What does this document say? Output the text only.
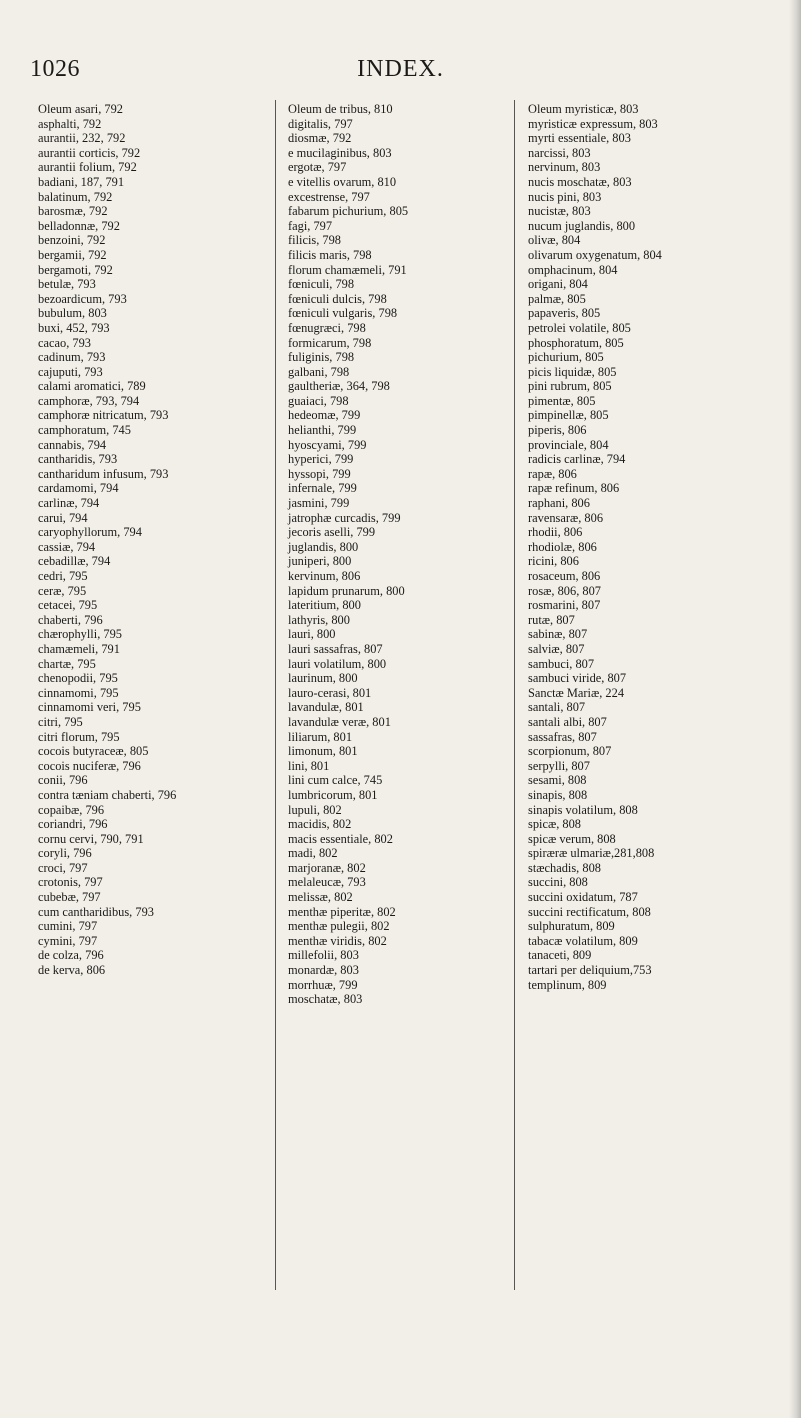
1026	INDEX.
Oleum asari, 792
asphalti, 792
aurantii, 232, 792
aurantii corticis, 792
aurantii folium, 792
badiani, 187, 791
balatinum, 792
barosmæ, 792
belladonnæ, 792
benzoini, 792
bergamii, 792
bergamoti, 792
betulæ, 793
bezoardicum, 793
bubulum, 803
buxi, 452, 793
cacao, 793
cadinum, 793
cajuputi, 793
calami aromatici, 789
camphoræ, 793, 794
camphoræ nitricatum, 793
camphoratum, 745
cannabis, 794
cantharidis, 793
cantharidum infusum, 793
cardamomi, 794
carlinæ, 794
carui, 794
caryophyllorum, 794
cassiæ, 794
cebadillæ, 794
cedri, 795
ceræ, 795
cetacei, 795
chaberti, 796
chærophylli, 795
chamæmeli, 791
chartæ, 795
chenopodii, 795
cinnamomi, 795
cinnamomi veri, 795
citri, 795
citri florum, 795
cocois butyraceæ, 805
cocois nuciferæ, 796
conii, 796
contra tæniam chaberti, 796
copaibæ, 796
coriandri, 796
cornu cervi, 790, 791
coryli, 796
croci, 797
crotonis, 797
cubebæ, 797
cum cantharidibus, 793
cumini, 797
cymini, 797
de colza, 796
de kerva, 806
Oleum de tribus, 810
digitalis, 797
diosmæ, 792
e mucilaginibus, 803
ergotæ, 797
e vitellis ovarum, 810
excestrense, 797
fabarum pichurium, 805
fagi, 797
filicis, 798
filicis maris, 798
florum chamæmeli, 791
fœniculi, 798
fœniculi dulcis, 798
fœniculi vulgaris, 798
fœnugræci, 798
formicarum, 798
fuliginis, 798
galbani, 798
gaultheriæ, 364, 798
guaiaci, 798
hedeomæ, 799
helianthi, 799
hyoscyami, 799
hyperici, 799
hyssopi, 799
infernale, 799
jasmini, 799
jatrophæ curcadis, 799
jecoris aselli, 799
juglandis, 800
juniperi, 800
kervinum, 806
lapidum prunarum, 800
lateritium, 800
lathyris, 800
lauri, 800
lauri sassafras, 807
lauri volatilum, 800
laurinum, 800
lauro-cerasi, 801
lavandulæ, 801
lavandulæ veræ, 801
liliarum, 801
limonum, 801
lini, 801
lini cum calce, 745
lumbricorum, 801
lupuli, 802
macidis, 802
macis essentiale, 802
madi, 802
marjoranæ, 802
melaleucæ, 793
melissæ, 802
menthæ piperitæ, 802
menthæ pulegii, 802
menthæ viridis, 802
millefolii, 803
monardæ, 803
morrhuæ, 799
moschatæ, 803
Oleum myristicæ, 803
myristicæ expressum, 803
myrti essentiale, 803
narcissi, 803
nervinum, 803
nucis moschatæ, 803
nucis pini, 803
nucistæ, 803
nucum juglandis, 800
olivæ, 804
olivarum oxygenatum, 804
omphacinum, 804
origani, 804
palmæ, 805
papaveris, 805
petrolei volatile, 805
phosphoratum, 805
pichurium, 805
picis liquidæ, 805
pini rubrum, 805
pimentæ, 805
pimpinellæ, 805
piperis, 806
provinciale, 804
radicis carlinæ, 794
rapæ, 806
rapæ refinum, 806
raphani, 806
ravensaræ, 806
rhodii, 806
rhodiolæ, 806
ricini, 806
rosaceum, 806
rosæ, 806, 807
rosmarini, 807
rutæ, 807
sabinæ, 807
salviæ, 807
sambuci, 807
sambuci viride, 807
Sanctæ Mariæ, 224
santali, 807
santali albi, 807
sassafras, 807
scorpionum, 807
serpylli, 807
sesami, 808
sinapis, 808
sinapis volatilum, 808
spicæ, 808
spicæ verum, 808
spiræræ ulmariæ,281,808
stæchadis, 808
succini, 808
succini oxidatum, 787
succini rectificatum, 808
sulphuratum, 809
tabacæ volatilum, 809
tanaceti, 809
tartari per deliquium,753
templinum, 809
